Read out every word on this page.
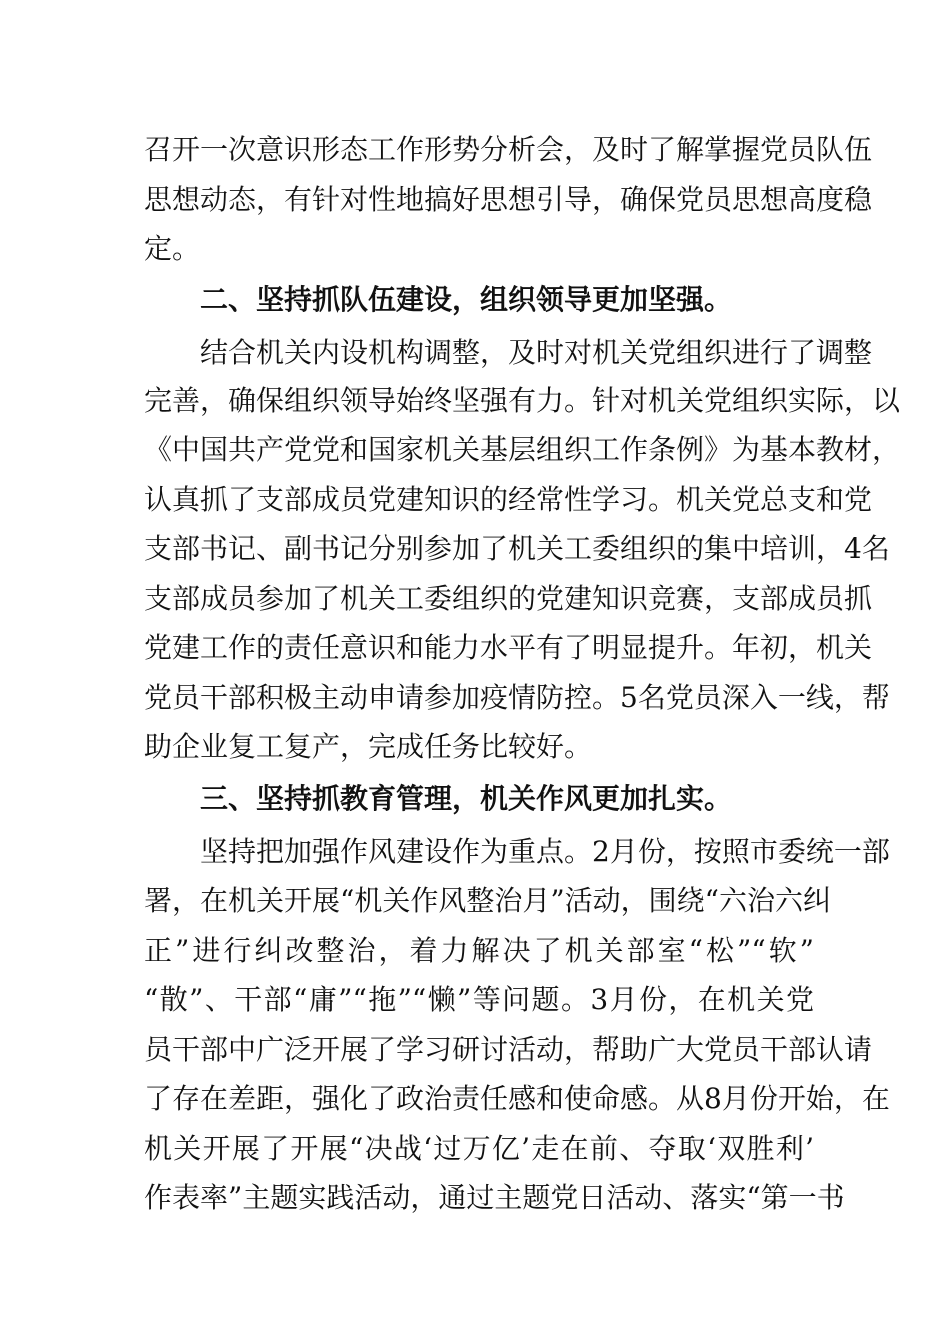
召开一次意识形态工作形势分析会，及时了解掌握党员队伍
思想动态，有针对性地搞好思想引导，确保党员思想高度稳
定。
二、坚持抓队伍建设，组织领导更加坚强。
结合机关内设机构调整，及时对机关党组织进行了调整
完善，确保组织领导始终坚强有力。针对机关党组织实际，以
《中国共产党党和国家机关基层组织工作条例》为基本教材，
认真抓了支部成员党建知识的经常性学习。机关党总支和党
支部书记、副书记分别参加了机关工委组织的集中培训，4名
支部成员参加了机关工委组织的党建知识竞赛，支部成员抓
党建工作的责任意识和能力水平有了明显提升。年初，机关
党员干部积极主动申请参加疫情防控。5名党员深入一线，帮
助企业复工复产，完成任务比较好。
三、坚持抓教育管理，机关作风更加扎实。
坚持把加强作风建设作为重点。2月份，按照市委统一部
署，在机关开展“机关作风整治月”活动，围绕“六治六纠
正”进行纠改整治，着力解决了机关部室“松”“软”
“散”、干部“庸”“拖”“懒”等问题。3月份，在机关党
员干部中广泛开展了学习研讨活动，帮助广大党员干部认请
了存在差距，强化了政治责任感和使命感。从8月份开始，在
机关开展了开展“决战‘过万亿’走在前、夺取‘双胜利’
作表率”主题实践活动，通过主题党日活动、落实“第一书
